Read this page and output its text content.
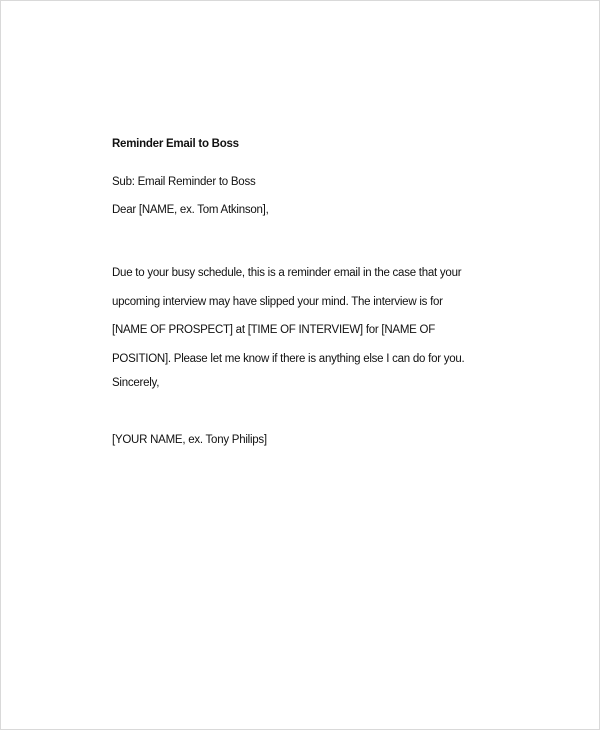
Reminder Email to Boss
Sub: Email Reminder to Boss
Dear [NAME, ex. Tom Atkinson],

Due to your busy schedule, this is a reminder email in the case that your upcoming interview may have slipped your mind. The interview is for [NAME OF PROSPECT] at [TIME OF INTERVIEW] for [NAME OF POSITION]. Please let me know if there is anything else I can do for you.

Sincerely,
[YOUR NAME, ex. Tony Philips]
